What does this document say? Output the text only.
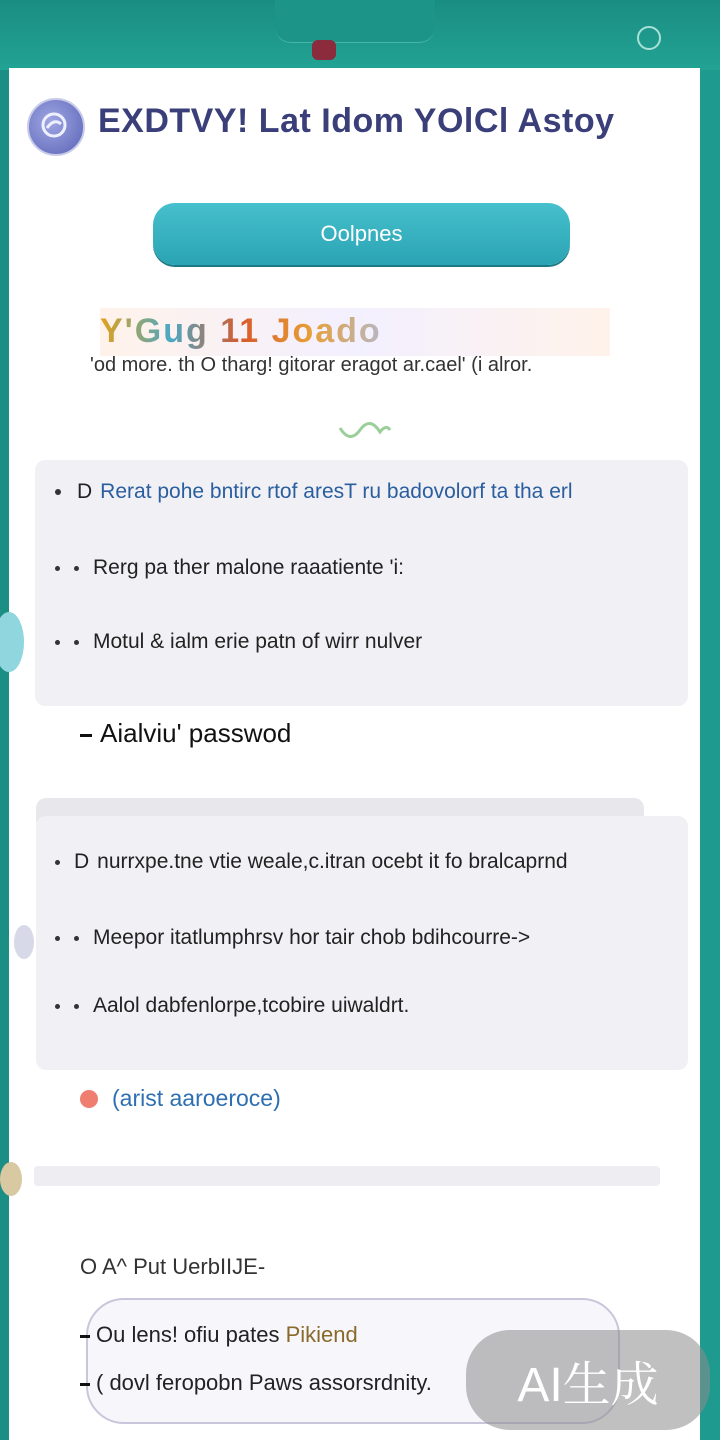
EXDTVY! Lat Idom YOlCl Astoy
Oolpnes
Y'Gug 11 Joado
'od more. th O tharg! gitorar eragot ar.cael' (i alror.
D Rerat pohe bntirc rtof aresT ru badovolorf ta tha erl
Rerg pa ther malone raaatiente 'i:
Motul & ialm erie patn of wirr nulver
Aialviu' passwod
D nurrxpe.tne vtie weale,c.itran ocebt it fo bralcaprnd
Meepor itatlumphrsv hor tair chob bdihcourre->
Aalol dabfenlorpe,tcobire uiwaldrt.
(arist aaroeroce)
O A^ Put UerbIIJE-
Ou lens! ofiu pates Pikiend
( dovl feropobn Paws assorsrdnity.	AI生成
